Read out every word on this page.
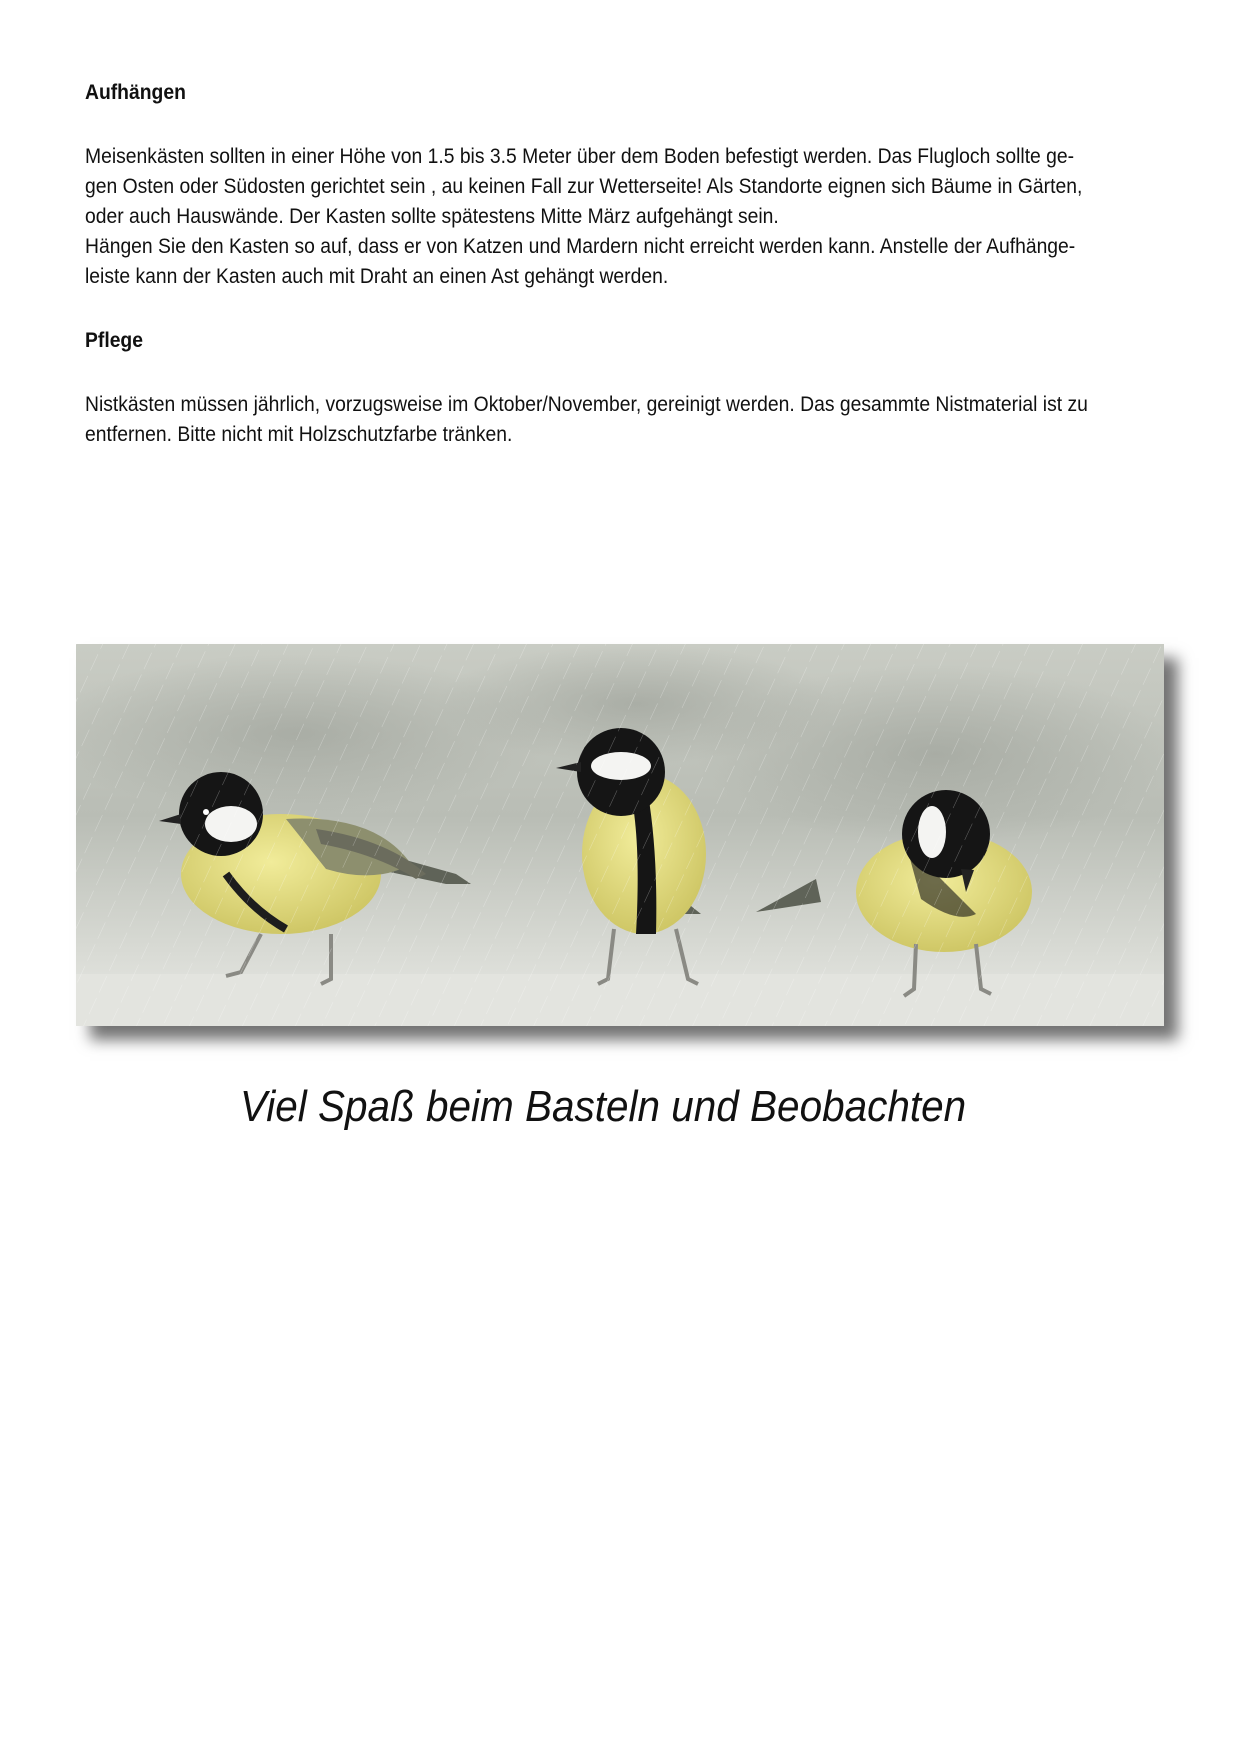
Aufhängen
Meisenkästen sollten in einer Höhe von 1.5 bis 3.5 Meter über dem Boden befestigt werden. Das Flugloch sollte ge-
gen Osten oder Südosten gerichtet sein , au keinen Fall zur Wetterseite! Als Standorte eignen sich Bäume in Gärten,
oder auch Hauswände. Der Kasten sollte spätestens Mitte März aufgehängt sein.
Hängen Sie den Kasten so auf, dass er von Katzen und Mardern nicht erreicht werden kann. Anstelle der Aufhänge-
leiste kann der Kasten auch mit Draht an einen Ast gehängt werden.
Pflege
Nistkästen müssen jährlich, vorzugsweise im Oktober/November, gereinigt werden. Das gesammte Nistmaterial ist zu
entfernen. Bitte nicht mit Holzschutzfarbe tränken.
Viel Spaß beim Basteln und Beobachten
